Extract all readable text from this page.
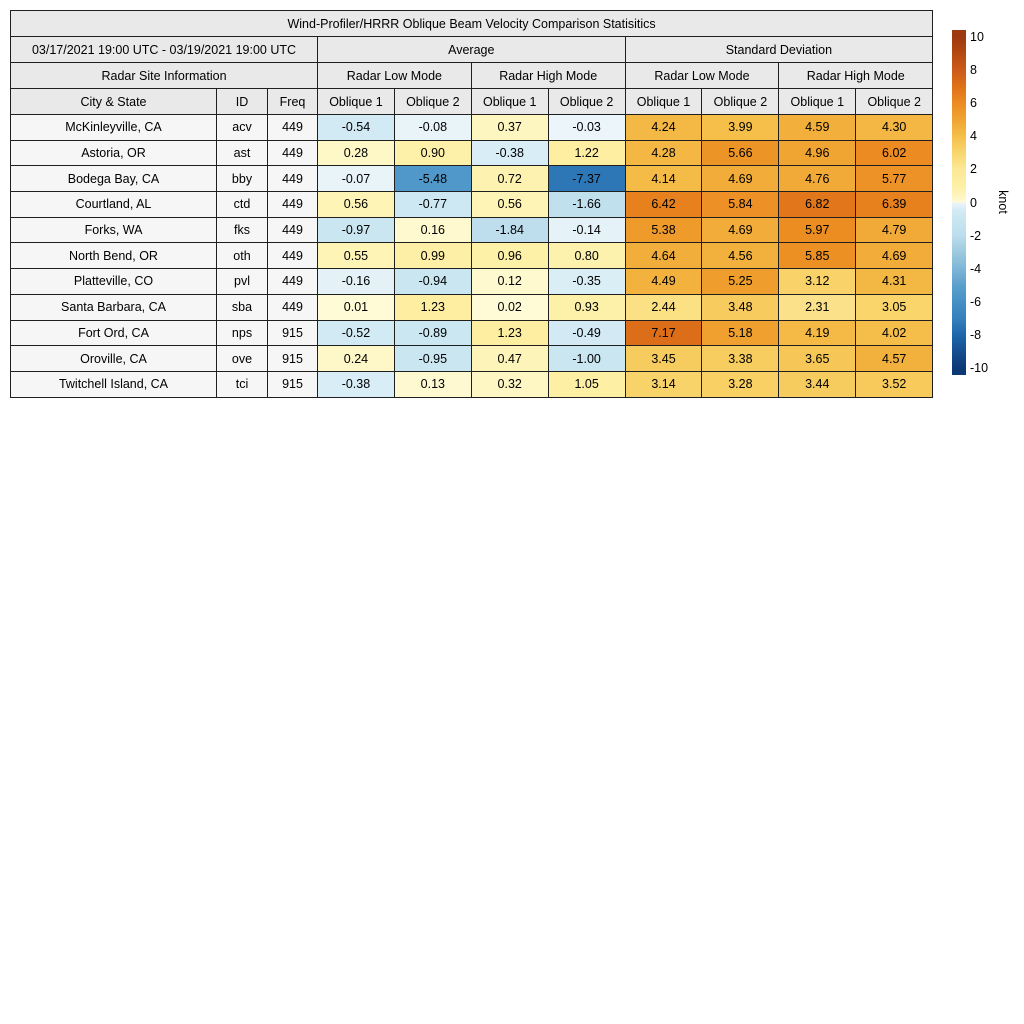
Wind-Profiler/HRRR Oblique Beam Velocity Comparison Statisitics										
03/17/2021 19:00 UTC - 03/19/2021 19:00 UTC			Average				Standard Deviation			
Radar Site Information			Radar Low Mode		Radar High Mode		Radar Low Mode		Radar High Mode	
City & State	ID	Freq	Oblique 1	Oblique 2	Oblique 1	Oblique 2	Oblique 1	Oblique 2	Oblique 1	Oblique 2
McKinleyville, CA	acv	449	-0.54	-0.08	0.37	-0.03	4.24	3.99	4.59	4.30
Astoria, OR	ast	449	0.28	0.90	-0.38	1.22	4.28	5.66	4.96	6.02
Bodega Bay, CA	bby	449	-0.07	-5.48	0.72	-7.37	4.14	4.69	4.76	5.77
Courtland, AL	ctd	449	0.56	-0.77	0.56	-1.66	6.42	5.84	6.82	6.39
Forks, WA	fks	449	-0.97	0.16	-1.84	-0.14	5.38	4.69	5.97	4.79
North Bend, OR	oth	449	0.55	0.99	0.96	0.80	4.64	4.56	5.85	4.69
Platteville, CO	pvl	449	-0.16	-0.94	0.12	-0.35	4.49	5.25	3.12	4.31
Santa Barbara, CA	sba	449	0.01	1.23	0.02	0.93	2.44	3.48	2.31	3.05
Fort Ord, CA	nps	915	-0.52	-0.89	1.23	-0.49	7.17	5.18	4.19	4.02
Oroville, CA	ove	915	0.24	-0.95	0.47	-1.00	3.45	3.38	3.65	4.57
Twitchell Island, CA	tci	915	-0.38	0.13	0.32	1.05	3.14	3.28	3.44	3.52
10
8
6
4
2
0
-2
-4
-6
-8
-10
knot
